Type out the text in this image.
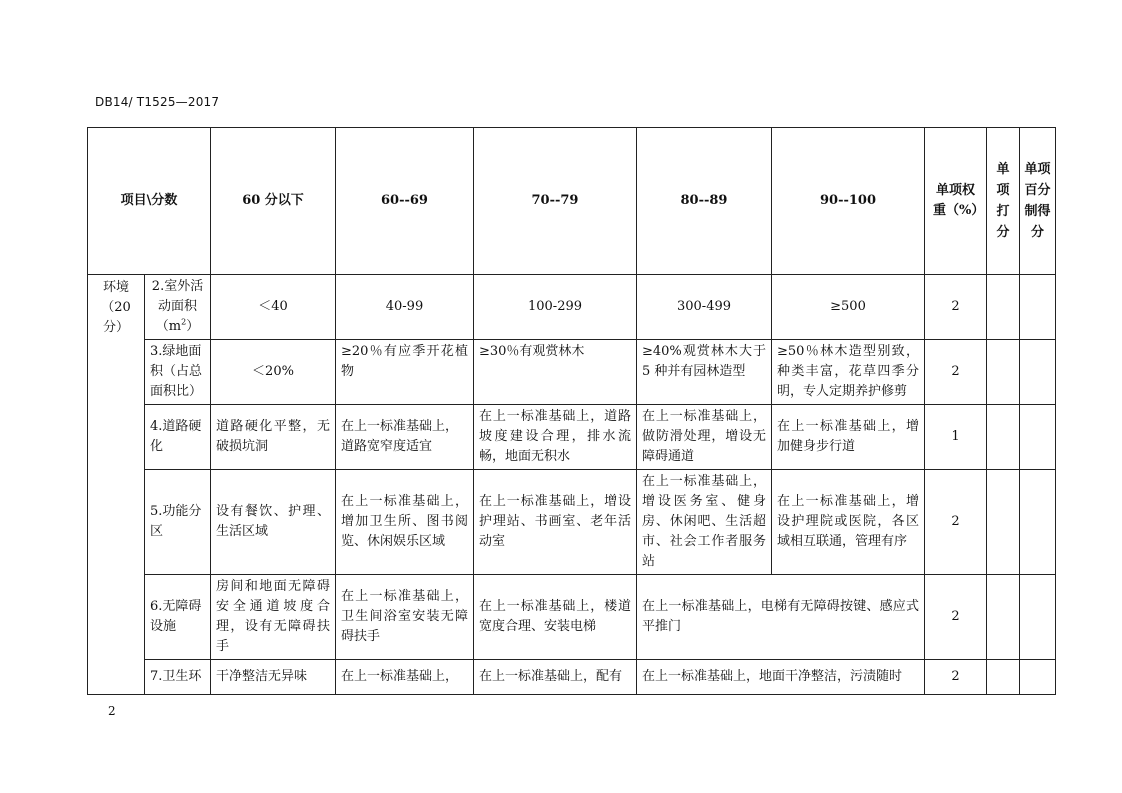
DB14/ T1525—2017
项目\分数		60 分以下	60--69	70--79	80--89	90--100	单项权重（%）	单项打分	单项百分制得分
环境（20分）	2.室外活动面积$(m^2)$	＜40	40-99	100-299	300-499	≥500	2		
	3.绿地面积（占总面积比）	＜20%	≥20％有应季开花植物	≥30％有观赏林木	≥40%观赏林木大于 5 种并有园林造型	≥50％林木造型别致，种类丰富，花草四季分明，专人定期养护修剪	2		
	4.道路硬化	道路硬化平整，无破损坑洞	在上一标准基础上，道路宽窄度适宜	在上一标准基础上，道路坡度建设合理，排水流畅，地面无积水	在上一标准基础上，做防滑处理，增设无障碍通道	在上一标准基础上，增加健身步行道	1		
	5.功能分区	设有餐饮、护理、生活区域	在上一标准基础上，增加卫生所、图书阅览、休闲娱乐区域	在上一标准基础上，增设护理站、书画室、老年活动室	在上一标准基础上，增设医务室、健身房、休闲吧、生活超市、社会工作者服务站	在上一标准基础上，增设护理院或医院，各区域相互联通，管理有序	2		
	6.无障碍设施	房间和地面无障碍安全通道坡度合理，设有无障碍扶手	在上一标准基础上，卫生间浴室安装无障碍扶手	在上一标准基础上，楼道宽度合理、安装电梯	在上一标准基础上，电梯有无障碍按键、感应式平推门		2		
	7.卫生环	干净整洁无异味	在上一标准基础上，	在上一标准基础上，配有	在上一标准基础上，地面干净整洁，污渍随时		2		
2
